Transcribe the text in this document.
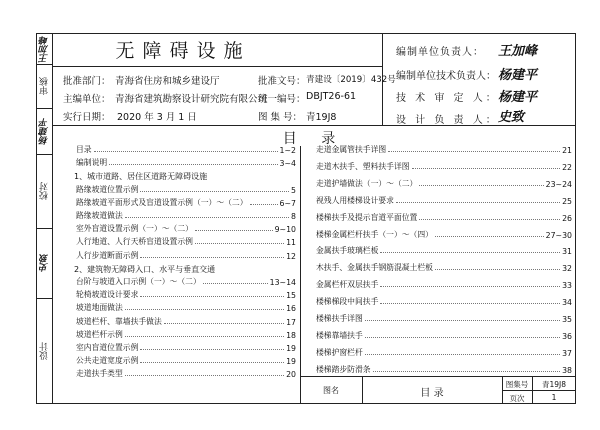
王加峰
审核
杨建平
校对
史致
设计
无障碍设施
批准部门： 青海省住房和城乡建设厅
主编单位： 青海省建筑勘察设计研究院有限公司
实行日期： 2020 年 3 月 1 日
批准文号： 青建设〔2019〕432号
统一编号： DBJT26-61
图 集 号： 青19J8
编制单位负责人： 王加峰
编制单位技术负责人： 杨建平
技 术 审 定 人： 杨建平
设 计 负 责 人： 史致
目 录
目录	1~2
编制说明	3~4
1、城市道路、居住区道路无障碍设施
路缘坡道位置示例	5
路缘坡道平面形式及盲道设置示例（一）～（二）	6~7
路缘坡道做法	8
室外盲道设置示例（一）～（二）	9~10
人行地道、人行天桥盲道设置示例	11
人行步道断面示例	12
2、建筑物无障碍入口、水平与垂直交通
台阶与坡道入口示例（一）～（二）	13~14
轮椅坡道设计要求	15
坡道地面做法	16
坡道栏杆、靠墙扶手做法	17
坡道栏杆示例	18
室内盲道位置示例	19
公共走道宽度示例	19
走道扶手类型	20
走道金属管扶手详图	21
走道木扶手、塑料扶手详图	22
走道护墙做法（一）～（二）	23~24
视残人用楼梯设计要求	25
楼梯扶手及提示盲道平面位置	26
楼梯金属栏杆扶手（一）～（四）	27~30
金属扶手玻璃栏板	31
木扶手、金属扶手钢筋混凝土栏板	32
金属栏杆双层扶手	33
楼梯梯段中间扶手	34
楼梯扶手详图	35
楼梯靠墙扶手	36
楼梯护窗栏杆	37
楼梯踏步防滑条	38
图名	目 录
图集号	青19J8
页次	1
